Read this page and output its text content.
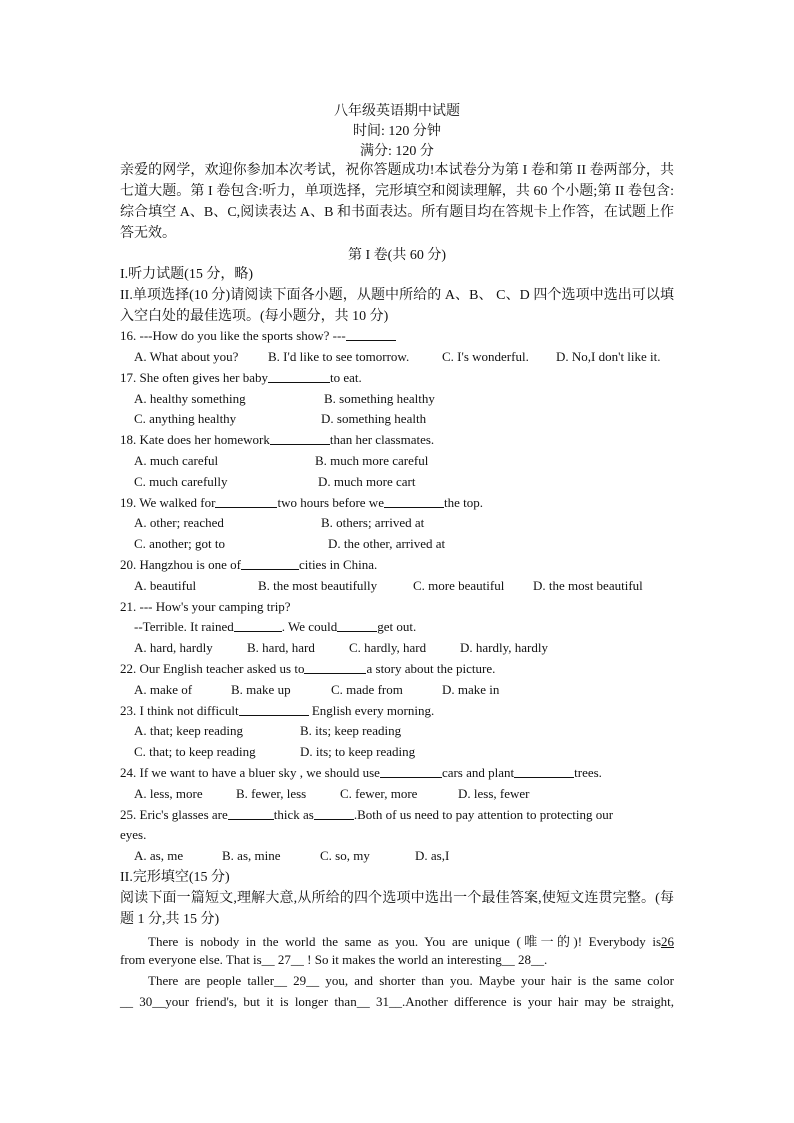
八年级英语期中试题
时间: 120 分钟
满分: 120 分
亲爱的网学，欢迎你参加本次考试，祝你答题成功!本试卷分为第 I 卷和第 II 卷两部分，共
七道大题。第 I 卷包含:听力，单项选择，完形填空和阅读理解，共 60 个小题;第 II 卷包含:
综合填空 A、B、C,阅读表达 A、B 和书面表达。所有题目均在答规卡上作答，在试题上作
答无效。
第 I 卷(共 60 分)
I.听力试题(15 分，略)
II.单项选择(10 分)请阅读下面各小题，从题中所给的 A、B、 C、D 四个选项中选出可以填
入空白处的最佳选项。(每小题分，共 10 分)
16. ---How do you like the sports show? ---
A. What about you? B. I'd like to see tomorrow.	C. I's wonderful. D. No,I don't like it.
17. She often gives her baby	to eat.
A. healthy something	B. something healthy
C. anything healthy	D. something health
18. Kate does her homework	than her classmates.
A. much careful	B. much more careful
C. much carefully	D. much more cart
19. We walked for	two hours before we	the top.
A. other; reached	B. others; arrived at
C. another; got to	D. the other, arrived at
20. Hangzhou is one of	cities in China.
A. beautiful	B. the most beautifully	C. more beautiful D. the most beautiful
21. --- How's your camping trip?
--Terrible. It rained	. We could	get out.
A. hard, hardly	B. hard, hard	C. hardly, hard	D. hardly, hardly
22. Our English teacher asked us to	a story about the picture.
A. make of	B. make up	C. made from	D. make in
23. I think not difficult	English every morning.
A. that; keep reading	B. its; keep reading
C. that; to keep reading	D. its; to keep reading
24. If we want to have a bluer sky , we should use	cars and plant	trees.
A. less, more	B. fewer, less	C. fewer, more	D. less, fewer
25. Eric's glasses are	thick as	.Both of us need to pay attention to protecting our
eyes.
A. as, me	B. as, mine	C. so, my	D. as,I
II.完形填空(15 分)
阅读下面一篇短文,理解大意,从所给的四个选项中选出一个最佳答案,使短文连贯完整。(每
题 1 分,共 15 分)
There is nobody in the world the same as you. You are unique (唯一的)! Everybody is26
from everyone else. That is__ 27__ ! So it makes the world an interesting__ 28__.
There are people taller__ 29__ you, and shorter than you. Maybe your hair is the same color
__ 30__your friend's, but it is longer than__ 31__.Another difference is your hair may be straight,
